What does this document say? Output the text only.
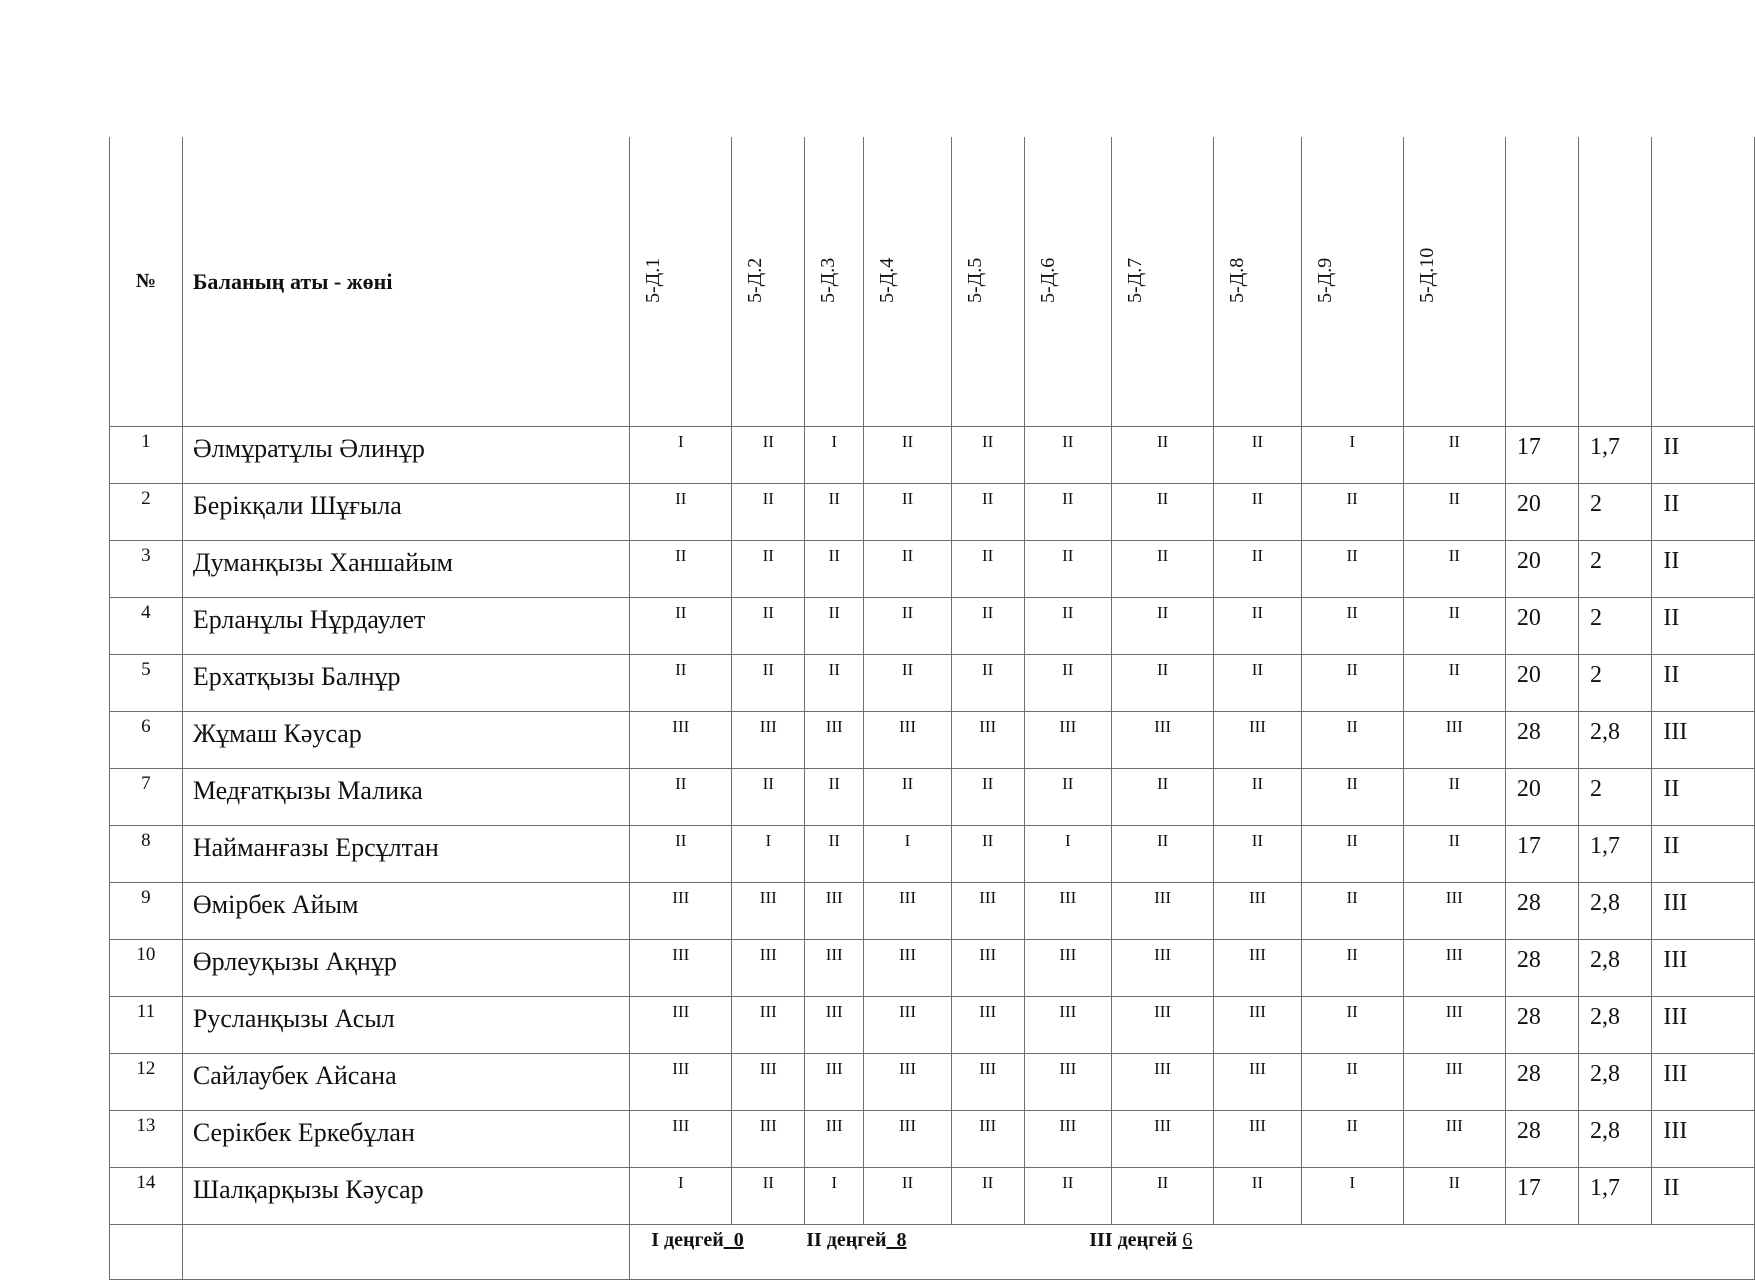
№	Баланың аты - жөні	5-Д.1	5-Д.2	5-Д.3	5-Д.4	5-Д.5	5-Д.6	5-Д.7	5-Д.8	5-Д.9	5-Д.10			

1	Әлмұратұлы Әлинұр	I	II	I	II	II	II	II	II	I	II	17	1,7	II
2	Берікқали Шұғыла	II	II	II	II	II	II	II	II	II	II	20	2	II
3	Думанқызы Ханшайым	II	II	II	II	II	II	II	II	II	II	20	2	II
4	Ерланұлы Нұрдаулет	II	II	II	II	II	II	II	II	II	II	20	2	II
5	Ерхатқызы Балнұр	II	II	II	II	II	II	II	II	II	II	20	2	II
6	Жұмаш Кәусар	III	III	III	III	III	III	III	III	II	III	28	2,8	III
7	Медғатқызы Малика	II	II	II	II	II	II	II	II	II	II	20	2	II
8	Найманғазы Ерсұлтан	II	I	II	I	II	I	II	II	II	II	17	1,7	II
9	Өмірбек Айым	III	III	III	III	III	III	III	III	II	III	28	2,8	III
10	Өрлеуқызы Ақнұр	III	III	III	III	III	III	III	III	II	III	28	2,8	III
11	Русланқызы Асыл	III	III	III	III	III	III	III	III	II	III	28	2,8	III
12	Сайлаубек Айсана	III	III	III	III	III	III	III	III	II	III	28	2,8	III
13	Серікбек Еркебұлан	III	III	III	III	III	III	III	III	II	III	28	2,8	III
14	Шалқарқызы Кәусар	I	II	I	II	II	II	II	II	I	II	17	1,7	II

		I деңгей_0 II деңгей_8 III деңгей 6												
